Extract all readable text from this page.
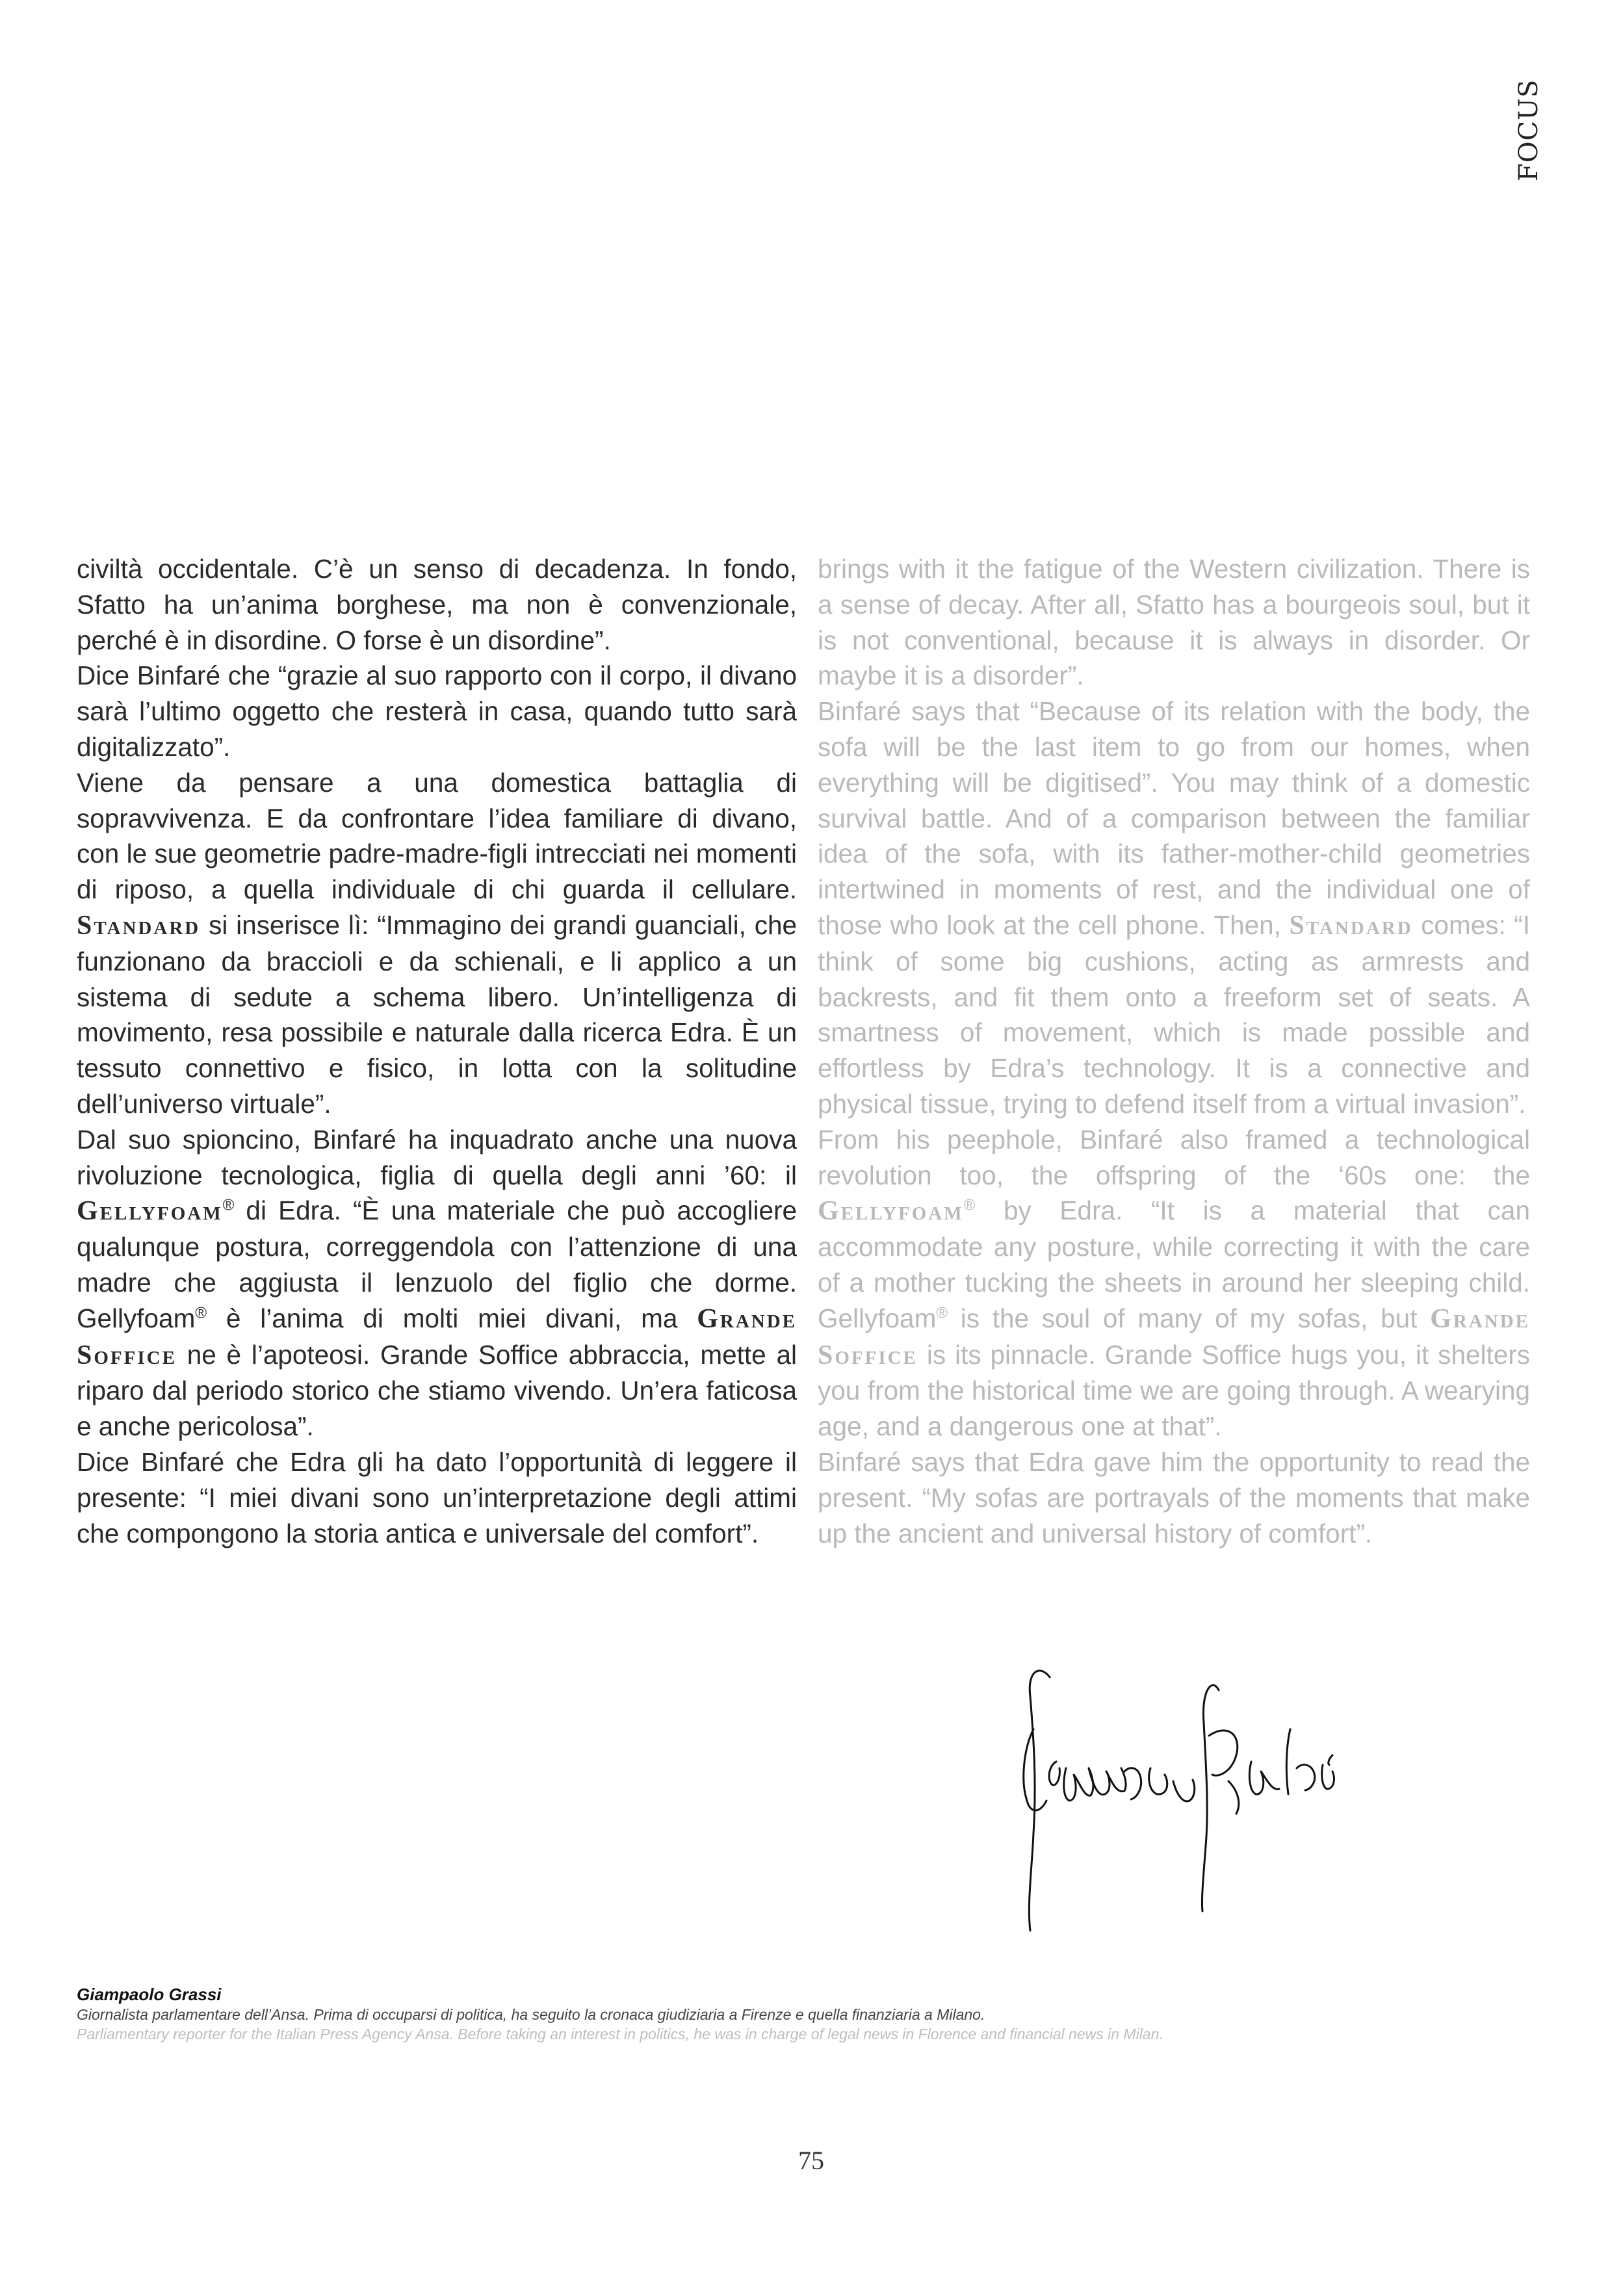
FOCUS

civiltà occidentale. C’è un senso di decadenza. In fondo, Sfatto ha un’anima borghese, ma non è convenzionale, perché è in disordine. O forse è un disordine”.

Dice Binfaré che “grazie al suo rapporto con il corpo, il divano sarà l’ultimo oggetto che resterà in casa, quando tutto sarà digitalizzato”.

Viene da pensare a una domestica battaglia di sopravvivenza. E da confrontare l’idea familiare di divano, con le sue geometrie padre-madre-figli intrecciati nei momenti di riposo, a quella individuale di chi guarda il cellulare. Standard si inserisce lì: “Immagino dei grandi guanciali, che funzionano da braccioli e da schienali, e li applico a un sistema di sedute a schema libero. Un’intelligenza di movimento, resa possibile e naturale dalla ricerca Edra. È un tessuto connettivo e fisico, in lotta con la solitudine dell’universo virtuale”.

Dal suo spioncino, Binfaré ha inquadrato anche una nuova rivoluzione tecnologica, figlia di quella degli anni ’60: il Gellyfoam® di Edra. “È una materiale che può accogliere qualunque postura, correggendola con l’attenzione di una madre che aggiusta il lenzuolo del figlio che dorme. Gellyfoam® è l’anima di molti miei divani, ma Grande Soffice ne è l’apoteosi. Grande Soffice abbraccia, mette al riparo dal periodo storico che stiamo vivendo. Un’era faticosa e anche pericolosa”.

Dice Binfaré che Edra gli ha dato l’opportunità di leggere il presente: “I miei divani sono un’interpretazione degli attimi che compongono la storia antica e universale del comfort”.

brings with it the fatigue of the Western civilization. There is a sense of decay. After all, Sfatto has a bourgeois soul, but it is not conventional, because it is always in disorder. Or maybe it is a disorder”.

Binfaré says that “Because of its relation with the body, the sofa will be the last item to go from our homes, when everything will be digitised”. You may think of a domestic survival battle. And of a comparison between the familiar idea of the sofa, with its father-mother-child geometries intertwined in moments of rest, and the individual one of those who look at the cell phone. Then, Standard comes: “I think of some big cushions, acting as armrests and backrests, and fit them onto a freeform set of seats. A smartness of movement, which is made possible and effortless by Edra’s technology. It is a connective and physical tissue, trying to defend itself from a virtual invasion”.

From his peephole, Binfaré also framed a technological revolution too, the offspring of the ‘60s one: the Gellyfoam® by Edra. “It is a material that can accommodate any posture, while correcting it with the care of a mother tucking the sheets in around her sleeping child. Gellyfoam® is the soul of many of my sofas, but Grande Soffice is its pinnacle. Grande Soffice hugs you, it shelters you from the historical time we are going through. A wearying age, and a dangerous one at that”.

Binfaré says that Edra gave him the opportunity to read the present. “My sofas are portrayals of the moments that make up the ancient and universal history of comfort”.

Giampaolo Grassi
Giornalista parlamentare dell’Ansa. Prima di occuparsi di politica, ha seguito la cronaca giudiziaria a Firenze e quella finanziaria a Milano.
Parliamentary reporter for the Italian Press Agency Ansa. Before taking an interest in politics, he was in charge of legal news in Florence and financial news in Milan.
75
